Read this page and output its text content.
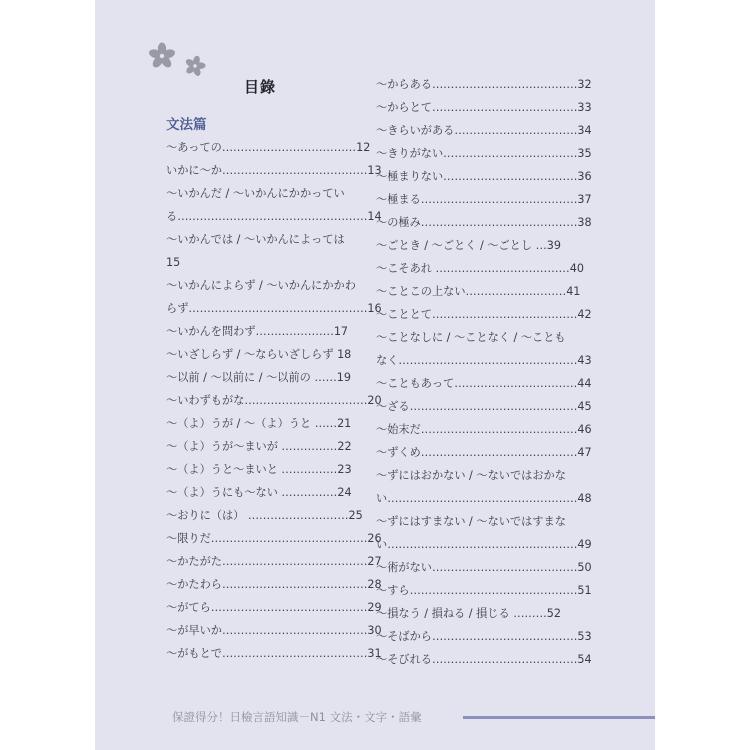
目錄
文法篇
～あっての………………………………12
いかに～か…………………………………13
～いかんだ / ～いかんにかかってい
る……………………………………………14
～いかんでは / ～いかんによっては
15
～いかんによらず / ～いかんにかかわ
らず…………………………………………16
～いかんを問わず…………………17
～いざしらず / ～ならいざしらず 18
～以前 / ～以前に / ～以前の ……19
～いわずもがな……………………………20
～（よ）うが / ～（よ）うと ……21
～（よ）うが～まいが ……………22
～（よ）うと～まいと ……………23
～（よ）うにも～ない ……………24
～おりに（は） ………………………25
～限りだ……………………………………26
～かたがた…………………………………27
～かたわら…………………………………28
～がてら……………………………………29
～が早いか…………………………………30
～がもとで…………………………………31
～からある…………………………………32
～からとて…………………………………33
～きらいがある……………………………34
～きりがない………………………………35
～極まりない………………………………36
～極まる……………………………………37
～の極み……………………………………38
～ごとき / ～ごとく / ～ごとし …39
～こそあれ ………………………………40
～ことこの上ない………………………41
～こととて…………………………………42
～ことなしに / ～ことなく / ～ことも
なく…………………………………………43
～こともあって……………………………44
～ざる………………………………………45
～始末だ……………………………………46
～ずくめ……………………………………47
～ずにはおかない / ～ないではおかな
い……………………………………………48
～ずにはすまない / ～ないではすまな
い……………………………………………49
～術がない…………………………………50
～すら………………………………………51
～損なう / 損ねる / 損じる ………52
～そばから…………………………………53
～そびれる…………………………………54
保證得分！日檢言語知識－N1 文法・文字・語彙
